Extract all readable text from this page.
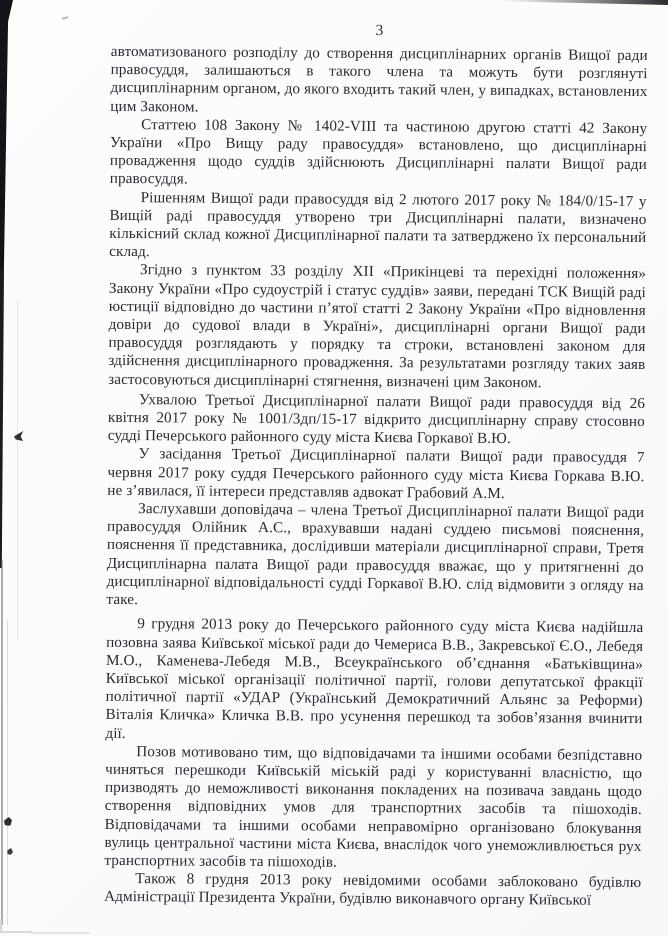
3

автоматизованого розподілу до створення дисциплінарних органів Вищої ради правосуддя, залишаються в такого члена та можуть бути розглянуті дисциплінарним органом, до якого входить такий член, у випадках, встановлених цим Законом.

Статтею 108 Закону № 1402-VIII та частиною другою статті 42 Закону України «Про Вищу раду правосуддя» встановлено, що дисциплінарні провадження щодо суддів здійснюють Дисциплінарні палати Вищої ради правосуддя.

Рішенням Вищої ради правосуддя від 2 лютого 2017 року № 184/0/15-17 у Вищій раді правосуддя утворено три Дисциплінарні палати, визначено кількісний склад кожної Дисциплінарної палати та затверджено їх персональний склад.

Згідно з пунктом 33 розділу XII «Прикінцеві та перехідні положення» Закону України «Про судоустрій і статус суддів» заяви, передані ТСК Вищій раді юстиції відповідно до частини п’ятої статті 2 Закону України «Про відновлення довіри до судової влади в Україні», дисциплінарні органи Вищої ради правосуддя розглядають у порядку та строки, встановлені законом для здійснення дисциплінарного провадження. За результатами розгляду таких заяв застосовуються дисциплінарні стягнення, визначені цим Законом.

Ухвалою Третьої Дисциплінарної палати Вищої ради правосуддя від 26 квітня 2017 року № 1001/3дп/15-17 відкрито дисциплінарну справу стосовно судді Печерського районного суду міста Києва Горкавої В.Ю.

У засідання Третьої Дисциплінарної палати Вищої ради правосуддя 7 червня 2017 року суддя Печерського районного суду міста Києва Горкава В.Ю. не з’явилася, її інтереси представляв адвокат Грабовий А.М.

Заслухавши доповідача – члена Третьої Дисциплінарної палати Вищої ради правосуддя Олійник А.С., врахувавши надані суддею письмові пояснення, пояснення її представника, дослідивши матеріали дисциплінарної справи, Третя Дисциплінарна палата Вищої ради правосуддя вважає, що у притягненні до дисциплінарної відповідальності судді Горкавої В.Ю. слід відмовити з огляду на таке.

9 грудня 2013 року до Печерського районного суду міста Києва надійшла позовна заява Київської міської ради до Чемериса В.В., Закревської Є.О., Лебедя М.О., Каменева-Лебедя М.В., Всеукраїнського об’єднання «Батьківщина» Київської міської організації політичної партії, голови депутатської фракції політичної партії «УДАР (Український Демократичний Альянс за Реформи) Віталія Кличка» Кличка В.В. про усунення перешкод та зобов’язання вчинити дії.

Позов мотивовано тим, що відповідачами та іншими особами безпідставно чиняться перешкоди Київській міській раді у користуванні власністю, що призводять до неможливості виконання покладених на позивача завдань щодо створення відповідних умов для транспортних засобів та пішоходів. Відповідачами та іншими особами неправомірно організовано блокування вулиць центральної частини міста Києва, внаслідок чого унеможливлюється рух транспортних засобів та пішоходів.

Також 8 грудня 2013 року невідомими особами заблоковано будівлю Адміністрації Президента України, будівлю виконавчого органу Київської
